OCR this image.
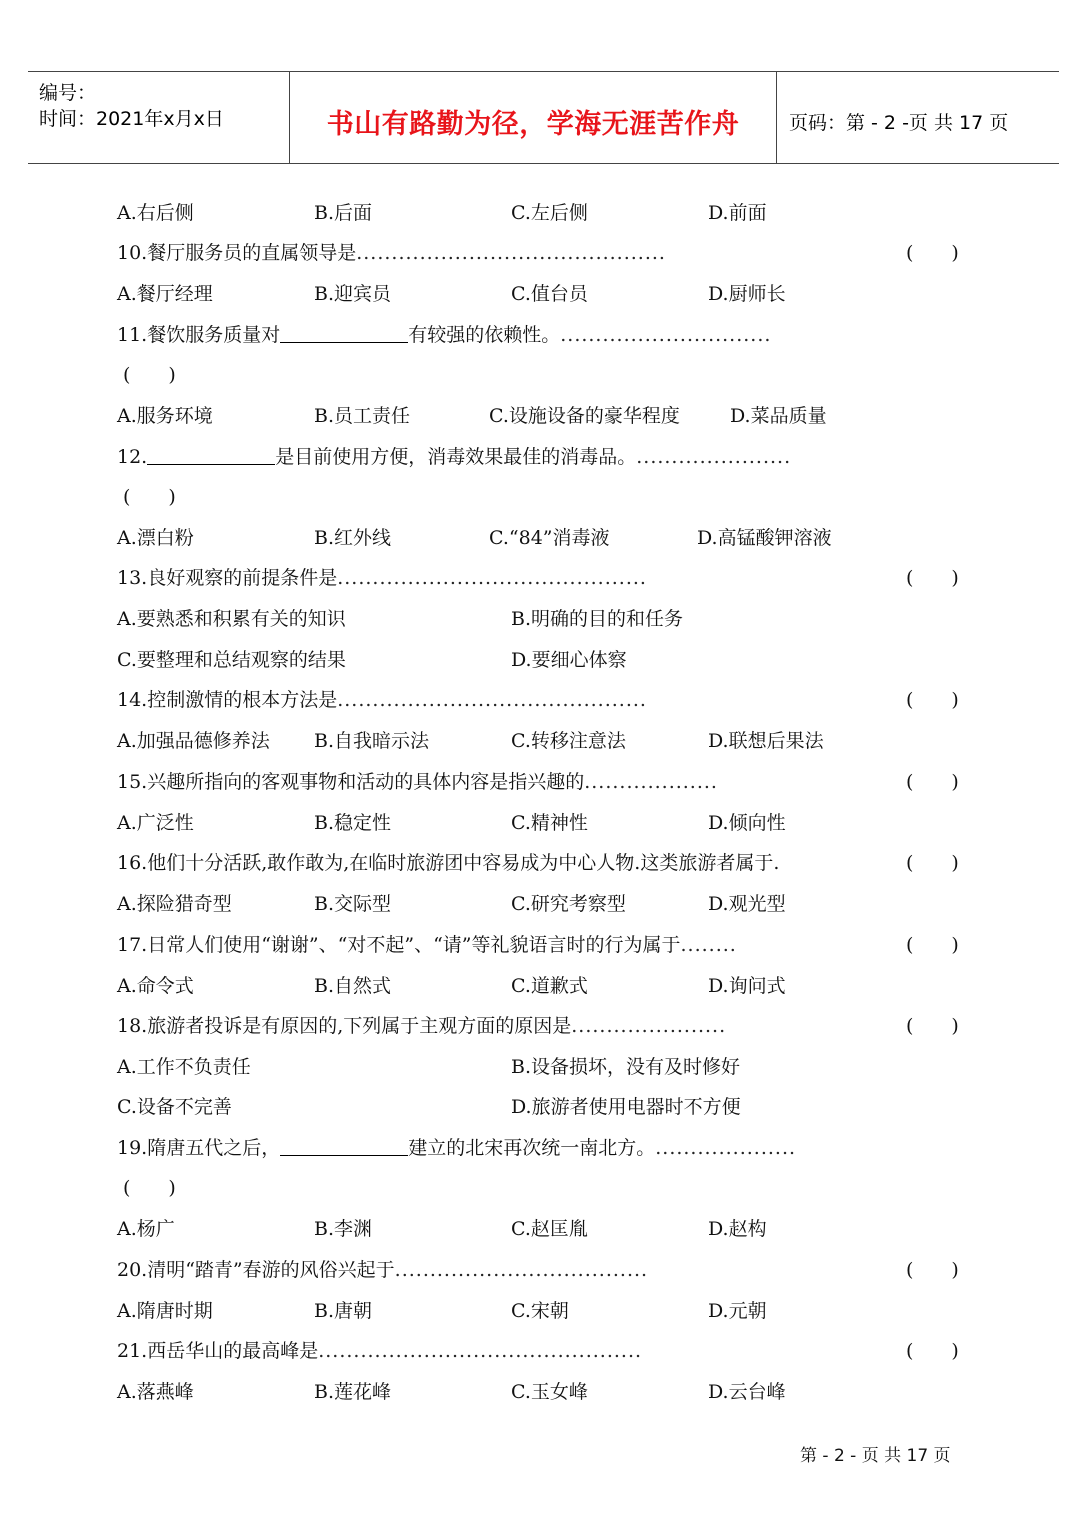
编号：
时间：2021年x月x日	书山有路勤为径，学海无涯苦作舟	页码：第 - 2 -页 共 17 页
A.右后侧	B.后面	C.左后侧	D.前面
10.餐厅服务员的直属领导是............................................	(　　)
A.餐厅经理	B.迎宾员	C.值台员	D.厨师长
11.餐饮服务质量对	有较强的依赖性。..............................
(　　)
A.服务环境	B.员工责任	C.设施设备的豪华程度	D.菜品质量
12.	是目前使用方便，消毒效果最佳的消毒品。......................
(　　)
A.漂白粉	B.红外线	C.“84”消毒液	D.高锰酸钾溶液
13.良好观察的前提条件是............................................	(　　)
A.要熟悉和积累有关的知识	B.明确的目的和任务
C.要整理和总结观察的结果	D.要细心体察
14.控制激情的根本方法是............................................	(　　)
A.加强品德修养法 B.自我暗示法	C.转移注意法	D.联想后果法
15.兴趣所指向的客观事物和活动的具体内容是指兴趣的...................	(　　)
A.广泛性	B.稳定性	C.精神性	D.倾向性
16.他们十分活跃,敢作敢为,在临时旅游团中容易成为中心人物.这类旅游者属于.	(　　)
A.探险猎奇型	B.交际型	C.研究考察型	D.观光型
17.日常人们使用“谢谢”、“对不起”、“请”等礼貌语言时的行为属于........	(　　)
A.命令式	B.自然式	C.道歉式	D.询问式
18.旅游者投诉是有原因的,下列属于主观方面的原因是......................	(　　)
A.工作不负责任	B.设备损坏，没有及时修好
C.设备不完善	D.旅游者使用电器时不方便
19.隋唐五代之后，	建立的北宋再次统一南北方。....................
(　　)
A.杨广	B.李渊	C.赵匡胤	D.赵构
20.清明“踏青”春游的风俗兴起于....................................	(　　)
A.隋唐时期	B.唐朝	C.宋朝	D.元朝
21.西岳华山的最高峰是..............................................	(　　)
A.落燕峰	B.莲花峰	C.玉女峰	D.云台峰
第 - 2 - 页 共 17 页
